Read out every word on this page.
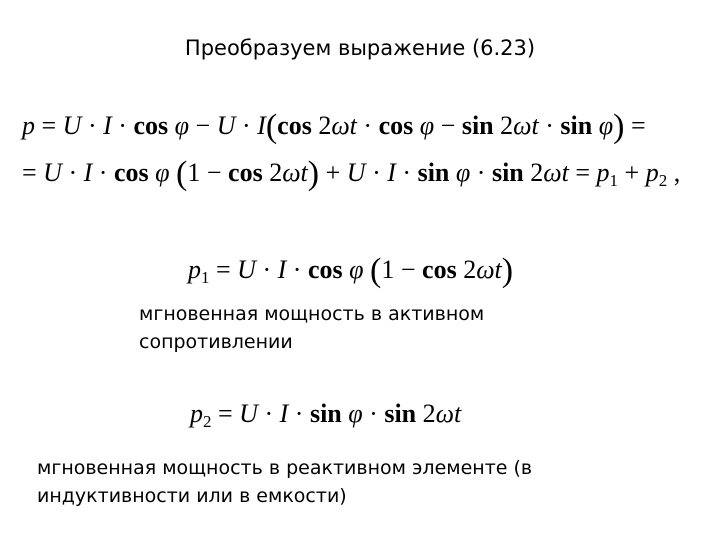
Преобразуем выражение (6.23)
p = U · I · cos φ − U · I(cos 2ωt · cos φ − sin 2ωt · sin φ) =
= U · I · cos φ $(1 - \cos 2\omega t) + U \cdot I \cdot \sin \varphi \cdot \sin 2\omega t = p_1 + p_2$ ,
$p_1 = U \cdot I \cdot \cos \varphi$ (1 − cos 2ωt)
мгновенная мощность в активном сопротивлении
$p_2 = U \cdot I \cdot \sin \varphi \cdot \sin 2\omega t$
мгновенная мощность в реактивном элементе (в индуктивности или в емкости)
